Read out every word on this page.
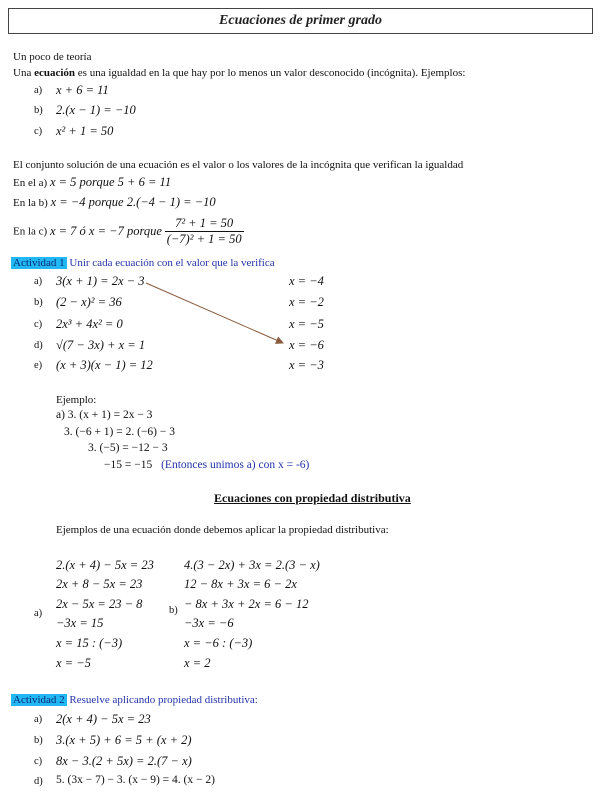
Ecuaciones de primer grado
Un poco de teoría
Una ecuación es una igualdad en la que hay por lo menos un valor desconocido (incógnita). Ejemplos:
a) x + 6 = 11
b) 2.(x − 1) = −10
c) x² + 1 = 50
El conjunto solución de una ecuación es el valor o los valores de la incógnita que verifican la igualdad
En el a) x = 5 porque 5 + 6 = 11
En la b) x = −4 porque 2.(−4 − 1) = −10
En la c) x = 7 ó x = −7 porque $\frac{\text{7² + 1 = 50}}{\text{(−7)² + 1 = 50}}$
Actividad 1 Unir cada ecuación con el valor que la verifica
a) 3(x + 1) = 2x − 3
b) (2 − x)² = 36
c) 2x³ + 4x² = 0
d) √(7 − 3x) + x = 1
e) (x + 3)(x − 1) = 12
x = −4
x = −2
x = −5
x = −6
x = −3
Ejemplo:
a) 3. (x + 1) = 2x − 3
3. (−6 + 1) = 2. (−6) − 3
3. (−5) = −12 − 3
−15 = −15 (Entonces unimos a) con x = -6)
Ecuaciones con propiedad distributiva
Ejemplos de una ecuación donde debemos aplicar la propiedad distributiva:
a)
2.(x + 4) − 5x = 23
2x + 8 − 5x = 23
2x − 5x = 23 − 8
−3x = 15
x = 15 : (−3)
x = −5
b)
4.(3 − 2x) + 3x = 2.(3 − x)
12 − 8x + 3x = 6 − 2x
− 8x + 3x + 2x = 6 − 12
−3x = −6
x = −6 : (−3)
x = 2
Actividad 2 Resuelve aplicando propiedad distributiva:
a) 2(x + 4) − 5x = 23
b) 3.(x + 5) + 6 = 5 + (x + 2)
c) 8x − 3.(2 + 5x) = 2.(7 − x)
d) 5. (3x − 7) − 3. (x − 9) = 4. (x − 2)
